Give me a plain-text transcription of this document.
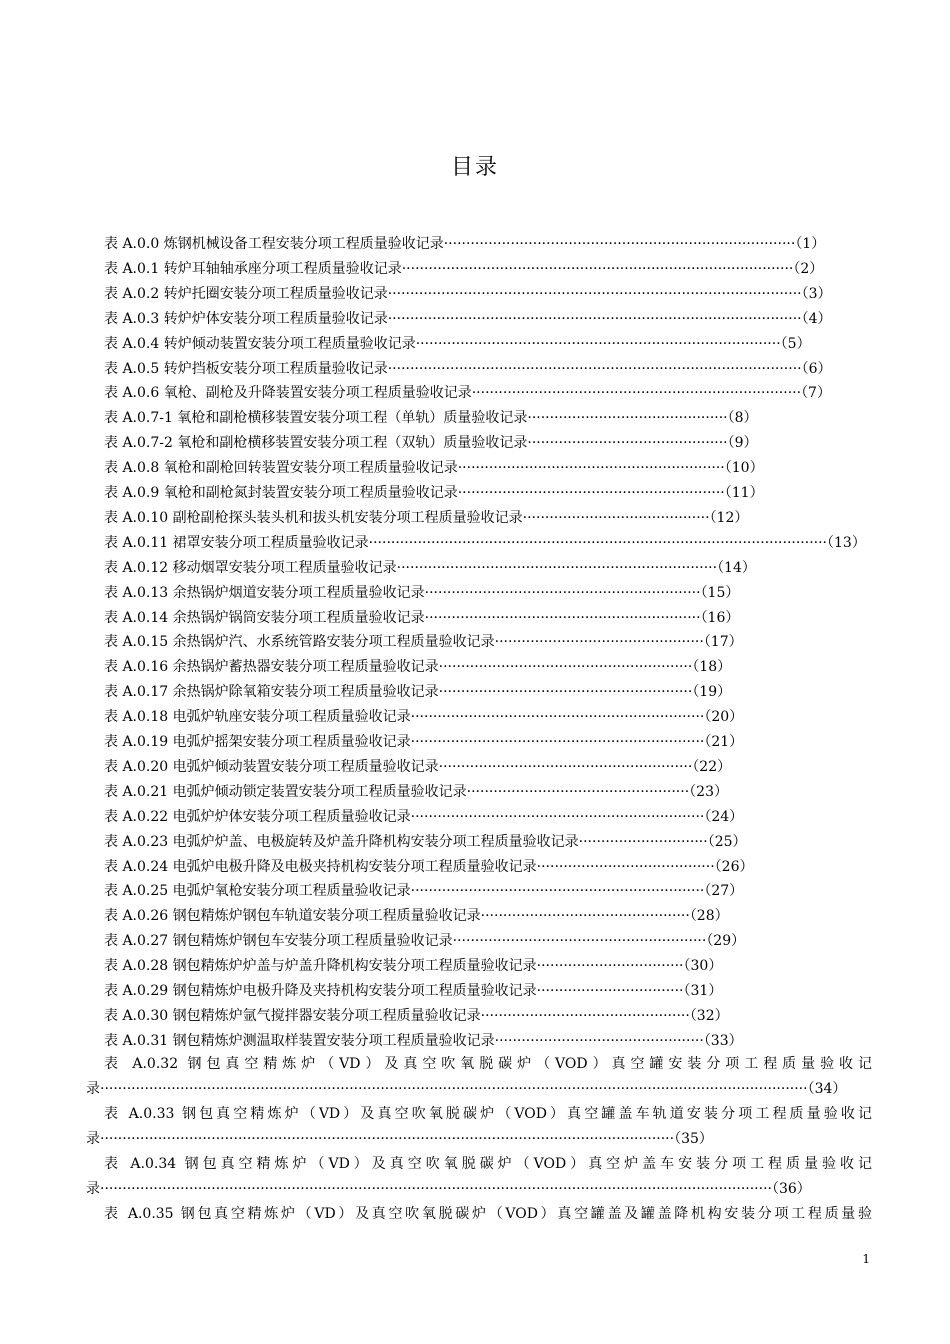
目录
表 A.0.0 炼钢机械设备工程安装分项工程质量验收记录···············································································（1）
表 A.0.1 转炉耳轴轴承座分项工程质量验收记录························································································（2）
表 A.0.2 转炉托圈安装分项工程质量验收记录·····························································································（3）
表 A.0.3 转炉炉体安装分项工程质量验收记录·····························································································（4）
表 A.0.4 转炉倾动装置安装分项工程质量验收记录··················································································（5）
表 A.0.5 转炉挡板安装分项工程质量验收记录·····························································································（6）
表 A.0.6 氧枪、副枪及升降装置安装分项工程质量验收记录··········································································（7）
表 A.0.7-1 氧枪和副枪横移装置安装分项工程（单轨）质量验收记录·············································（8）
表 A.0.7-2 氧枪和副枪横移装置安装分项工程（双轨）质量验收记录·············································（9）
表 A.0.8 氧枪和副枪回转装置安装分项工程质量验收记录····························································（10）
表 A.0.9 氧枪和副枪氮封装置安装分项工程质量验收记录····························································（11）
表 A.0.10 副枪副枪探头装头机和拔头机安装分项工程质量验收记录··········································（12）
表 A.0.11 裙罩安装分项工程质量验收记录·······································································································（13）
表 A.0.12 移动烟罩安装分项工程质量验收记录········································································（14）
表 A.0.13 余热锅炉烟道安装分项工程质量验收记录······························································（15）
表 A.0.14 余热锅炉锅筒安装分项工程质量验收记录······························································（16）
表 A.0.15 余热锅炉汽、水系统管路安装分项工程质量验收记录···············································（17）
表 A.0.16 余热锅炉蓄热器安装分项工程质量验收记录·························································（18）
表 A.0.17 余热锅炉除氧箱安装分项工程质量验收记录·························································（19）
表 A.0.18 电弧炉轨座安装分项工程质量验收记录··································································（20）
表 A.0.19 电弧炉摇架安装分项工程质量验收记录··································································（21）
表 A.0.20 电弧炉倾动装置安装分项工程质量验收记录·························································（22）
表 A.0.21 电弧炉倾动锁定装置安装分项工程质量验收记录··················································（23）
表 A.0.22 电弧炉炉体安装分项工程质量验收记录··································································（24）
表 A.0.23 电弧炉炉盖、电极旋转及炉盖升降机构安装分项工程质量验收记录·····························（25）
表 A.0.24 电弧炉电极升降及电极夹持机构安装分项工程质量验收记录········································（26）
表 A.0.25 电弧炉氧枪安装分项工程质量验收记录··································································（27）
表 A.0.26 钢包精炼炉钢包车轨道安装分项工程质量验收记录···············································（28）
表 A.0.27 钢包精炼炉钢包车安装分项工程质量验收记录·························································（29）
表 A.0.28 钢包精炼炉炉盖与炉盖升降机构安装分项工程质量验收记录·································（30）
表 A.0.29 钢包精炼炉电极升降及夹持机构安装分项工程质量验收记录·································（31）
表 A.0.30 钢包精炼炉氩气搅拌器安装分项工程质量验收记录···············································（32）
表 A.0.31 钢包精炼炉测温取样装置安装分项工程质量验收记录···············································（33）
表 A.0.32 钢包真空精炼炉（VD）及真空吹氧脱碳炉（VOD）真空罐安装分项工程质量验收记
录·······························································································································································（34）
表 A.0.33 钢包真空精炼炉（VD）及真空吹氧脱碳炉（VOD）真空罐盖车轨道安装分项工程质量验收记
录·································································································································（35）
表 A.0.34 钢包真空精炼炉（VD）及真空吹氧脱碳炉（VOD）真空炉盖车安装分项工程质量验收记
录·······················································································································································（36）
表 A.0.35 钢包真空精炼炉（VD）及真空吹氧脱碳炉（VOD）真空罐盖及罐盖降机构安装分项工程质量验
1
